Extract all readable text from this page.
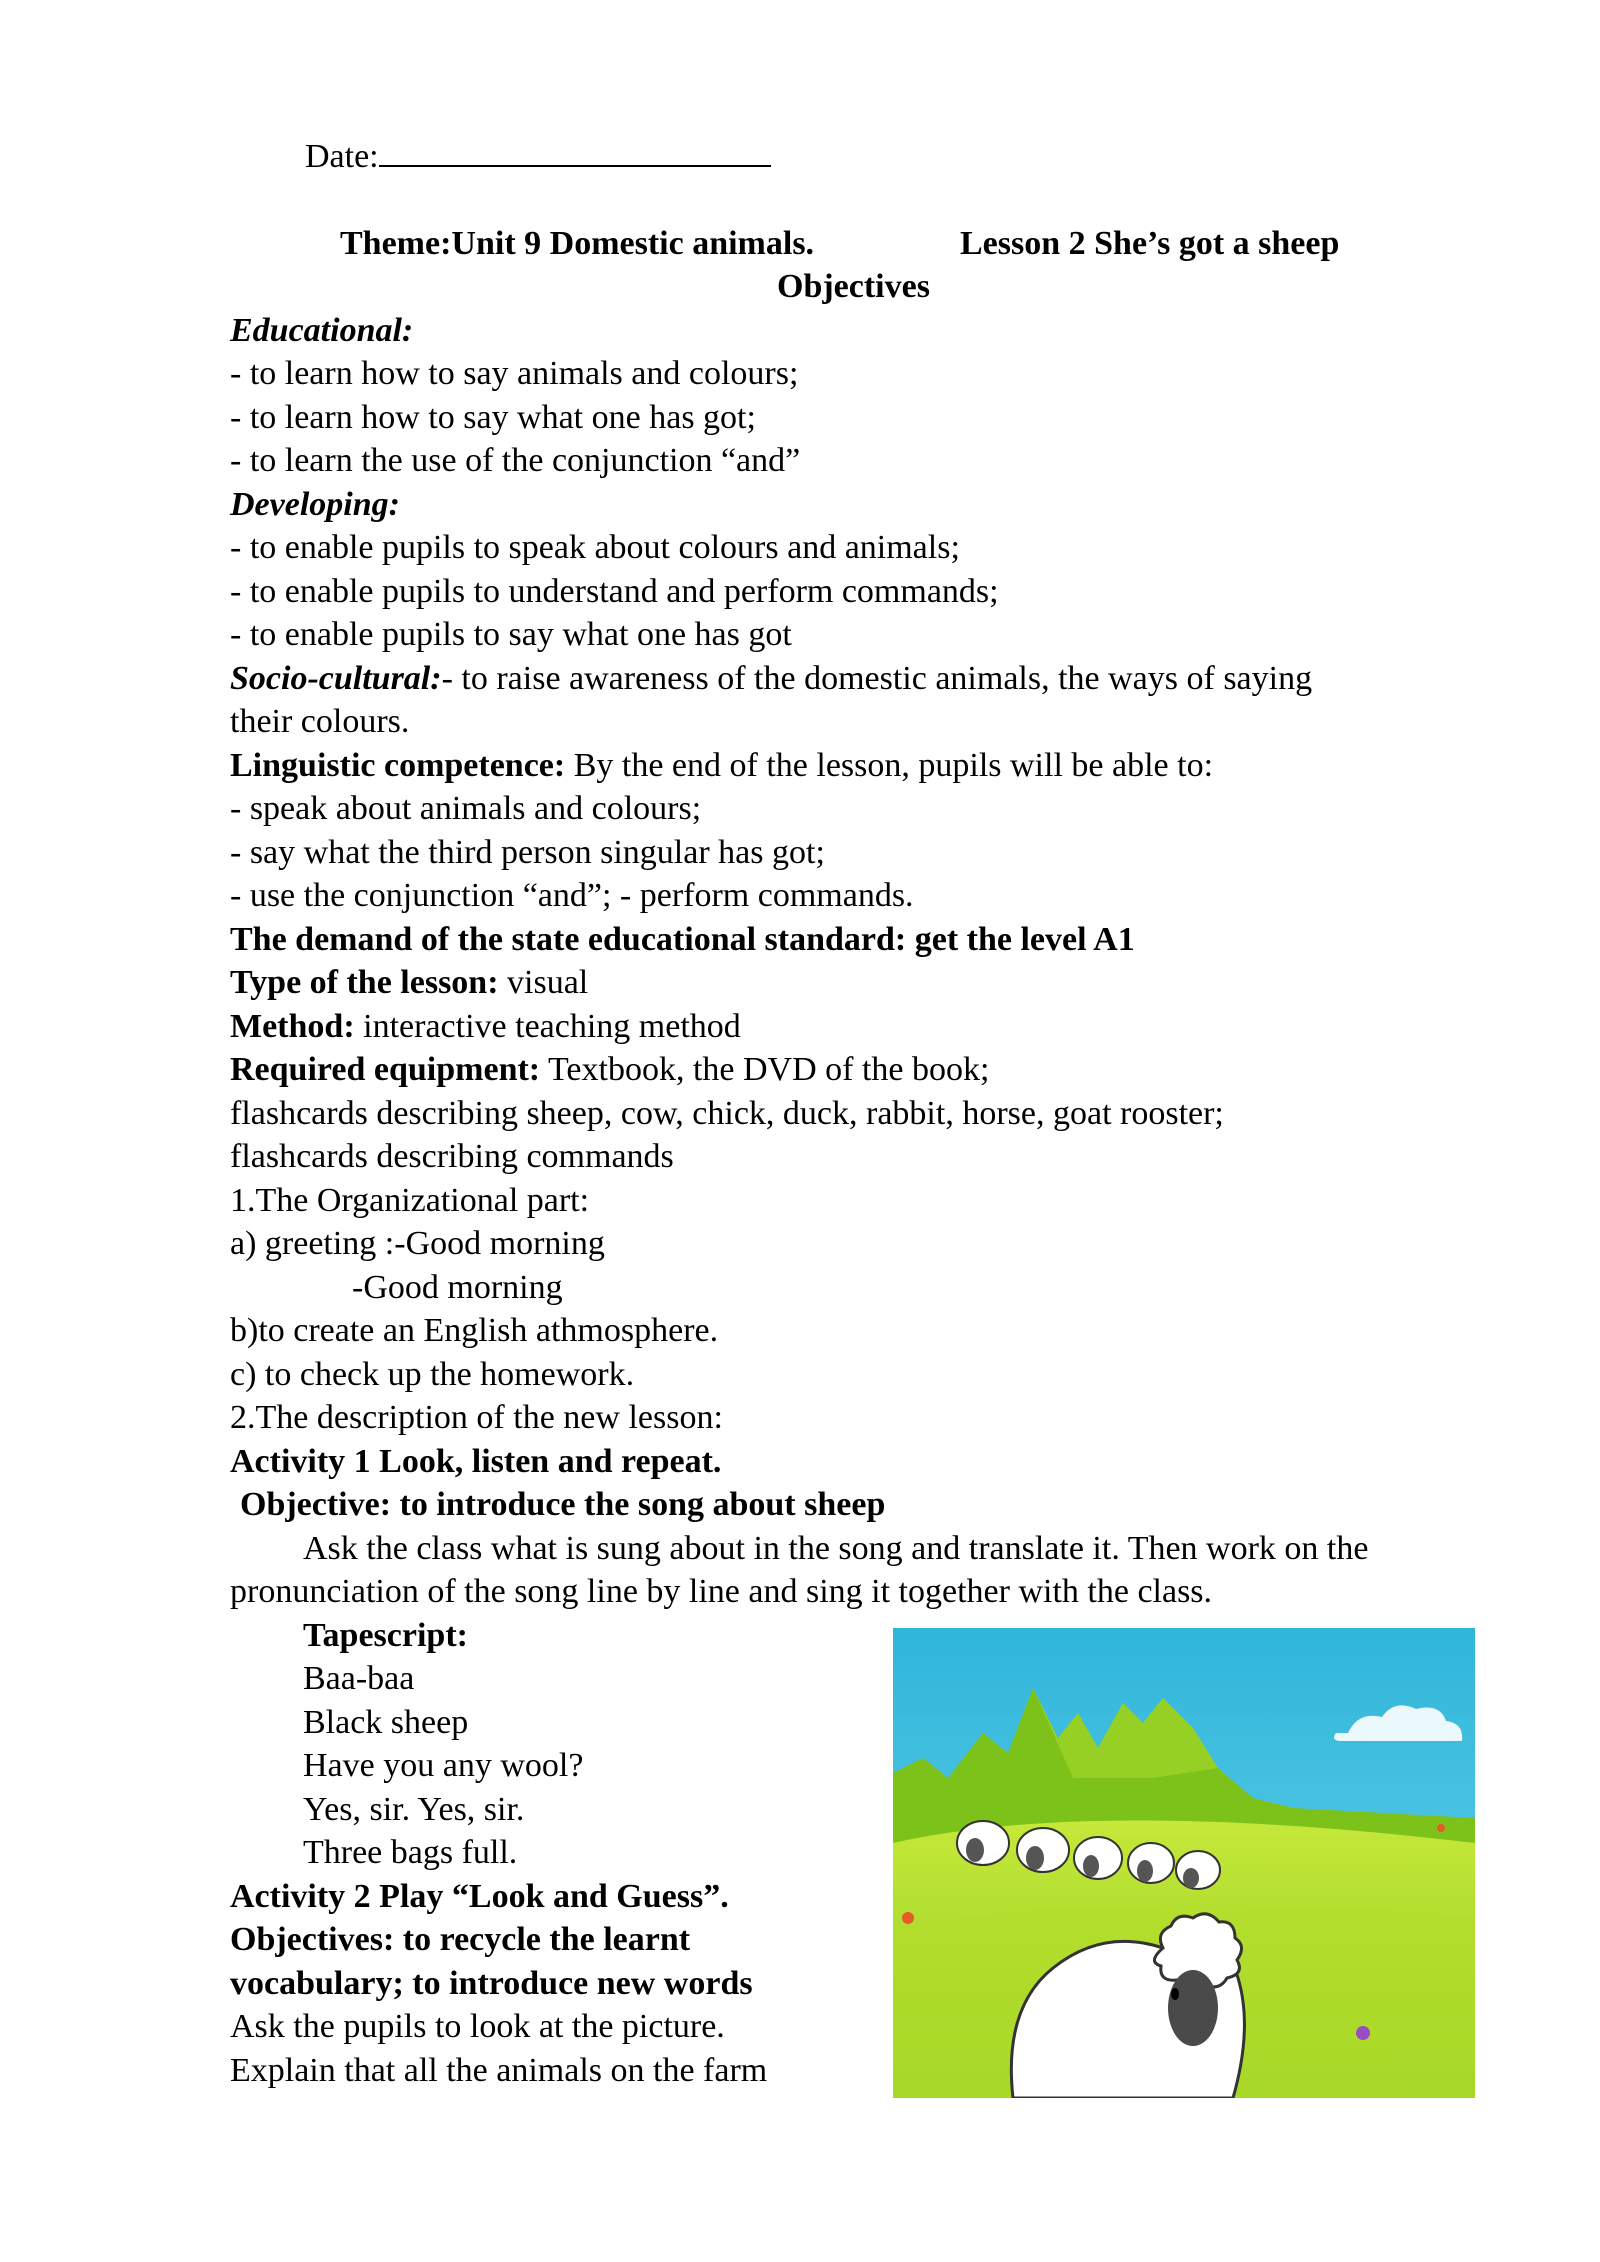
Date:
Theme:Unit 9 Domestic animals.	Lesson 2 She’s got a sheep
Objectives
Educational:
- to learn how to say animals and colours;
- to learn how to say what one has got;
- to learn the use of the conjunction “and”
Developing:
- to enable pupils to speak about colours and animals;
- to enable pupils to understand and perform commands;
- to enable pupils to say what one has got
Socio-cultural:- to raise awareness of the domestic animals, the ways of saying
their colours.
Linguistic competence: By the end of the lesson, pupils will be able to:
- speak about animals and colours;
- say what the third person singular has got;
- use the conjunction “and”; - perform commands.
The demand of the state educational standard: get the level A1
Type of the lesson: visual
Method: interactive teaching method
Required equipment: Textbook, the DVD of the book;
flashcards describing sheep, cow, chick, duck, rabbit, horse, goat rooster;
flashcards describing commands
1.The Organizational part:
a) greeting :-Good morning
-Good morning
b)to create an English athmosphere.
c) to check up the homework.
2.The description of the new lesson:
Activity 1 Look, listen and repeat.
Objective: to introduce the song about sheep
Ask the class what is sung about in the song and translate it. Then work on the
pronunciation of the song line by line and sing it together with the class.
Tapescript:
Baa-baa
Black sheep
Have you any wool?
Yes, sir. Yes, sir.
Three bags full.
Activity 2 Play “Look and Guess”.
Objectives: to recycle the learnt
vocabulary; to introduce new words
Ask the pupils to look at the picture.
Explain that all the animals on the farm
